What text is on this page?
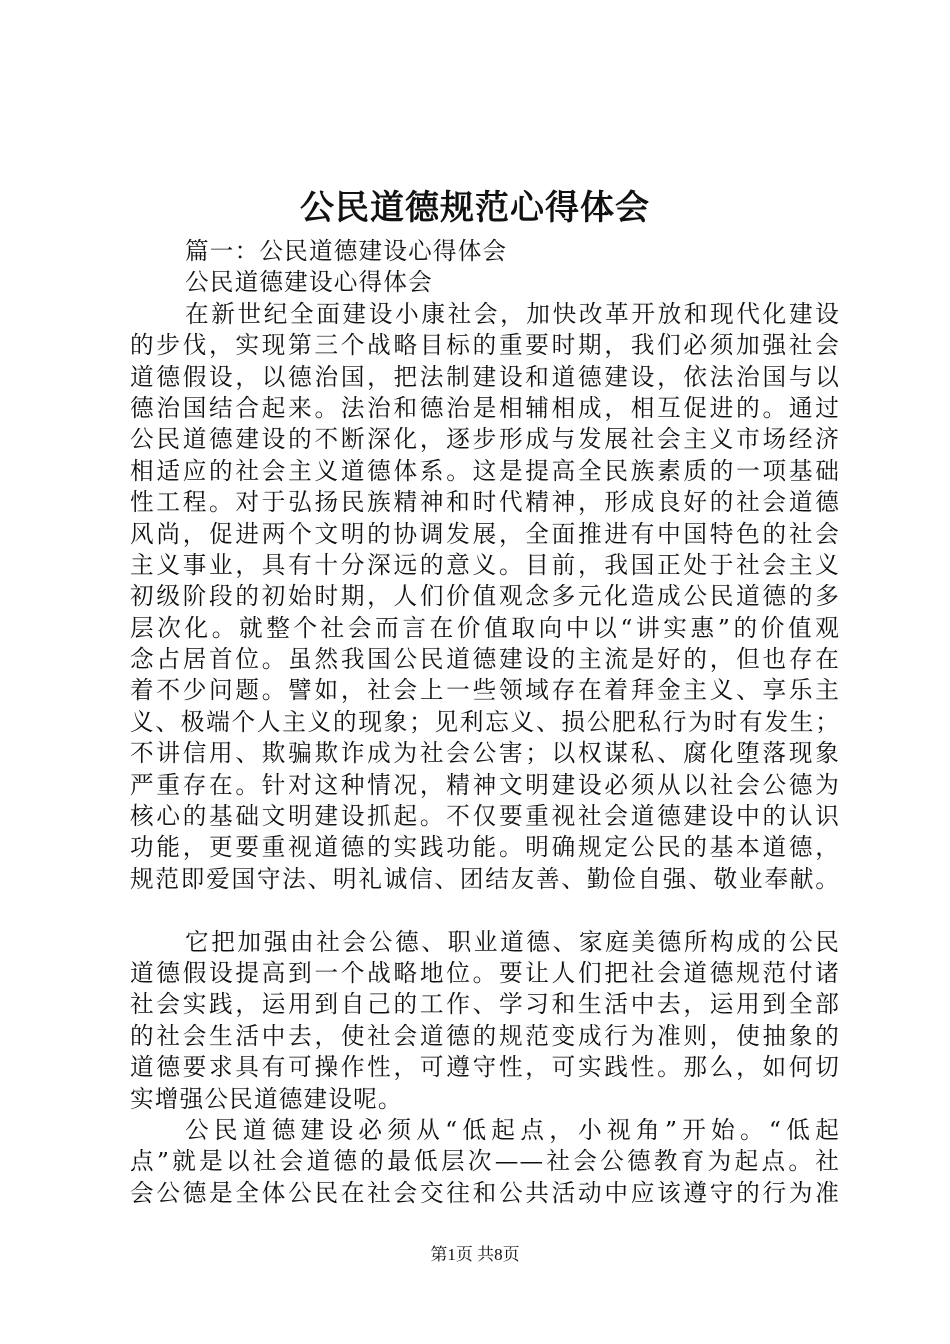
公民道德规范心得体会
篇一：公民道德建设心得体会
公民道德建设心得体会
在新世纪全面建设小康社会，加快改革开放和现代化建设
的步伐，实现第三个战略目标的重要时期，我们必须加强社会
道德假设，以德治国，把法制建设和道德建设，依法治国与以
德治国结合起来。法治和德治是相辅相成，相互促进的。通过
公民道德建设的不断深化，逐步形成与发展社会主义市场经济
相适应的社会主义道德体系。这是提高全民族素质的一项基础
性工程。对于弘扬民族精神和时代精神，形成良好的社会道德
风尚，促进两个文明的协调发展，全面推进有中国特色的社会
主义事业，具有十分深远的意义。目前，我国正处于社会主义
初级阶段的初始时期，人们价值观念多元化造成公民道德的多
层次化。就整个社会而言在价值取向中以“讲实惠”的价值观
念占居首位。虽然我国公民道德建设的主流是好的，但也存在
着不少问题。譬如，社会上一些领域存在着拜金主义、享乐主
义、极端个人主义的现象；见利忘义、损公肥私行为时有发生；
不讲信用、欺骗欺诈成为社会公害；以权谋私、腐化堕落现象
严重存在。针对这种情况，精神文明建设必须从以社会公德为
核心的基础文明建设抓起。不仅要重视社会道德建设中的认识
功能，更要重视道德的实践功能。明确规定公民的基本道德，
规范即爱国守法、明礼诚信、团结友善、勤俭自强、敬业奉献。
它把加强由社会公德、职业道德、家庭美德所构成的公民
道德假设提高到一个战略地位。要让人们把社会道德规范付诸
社会实践，运用到自己的工作、学习和生活中去，运用到全部
的社会生活中去，使社会道德的规范变成行为准则，使抽象的
道德要求具有可操作性，可遵守性，可实践性。那么，如何切
实增强公民道德建设呢。
公民道德建设必须从“低起点，小视角”开始。“低起
点”就是以社会道德的最低层次——社会公德教育为起点。社
会公德是全体公民在社会交往和公共活动中应该遵守的行为准
第1页 共8页
